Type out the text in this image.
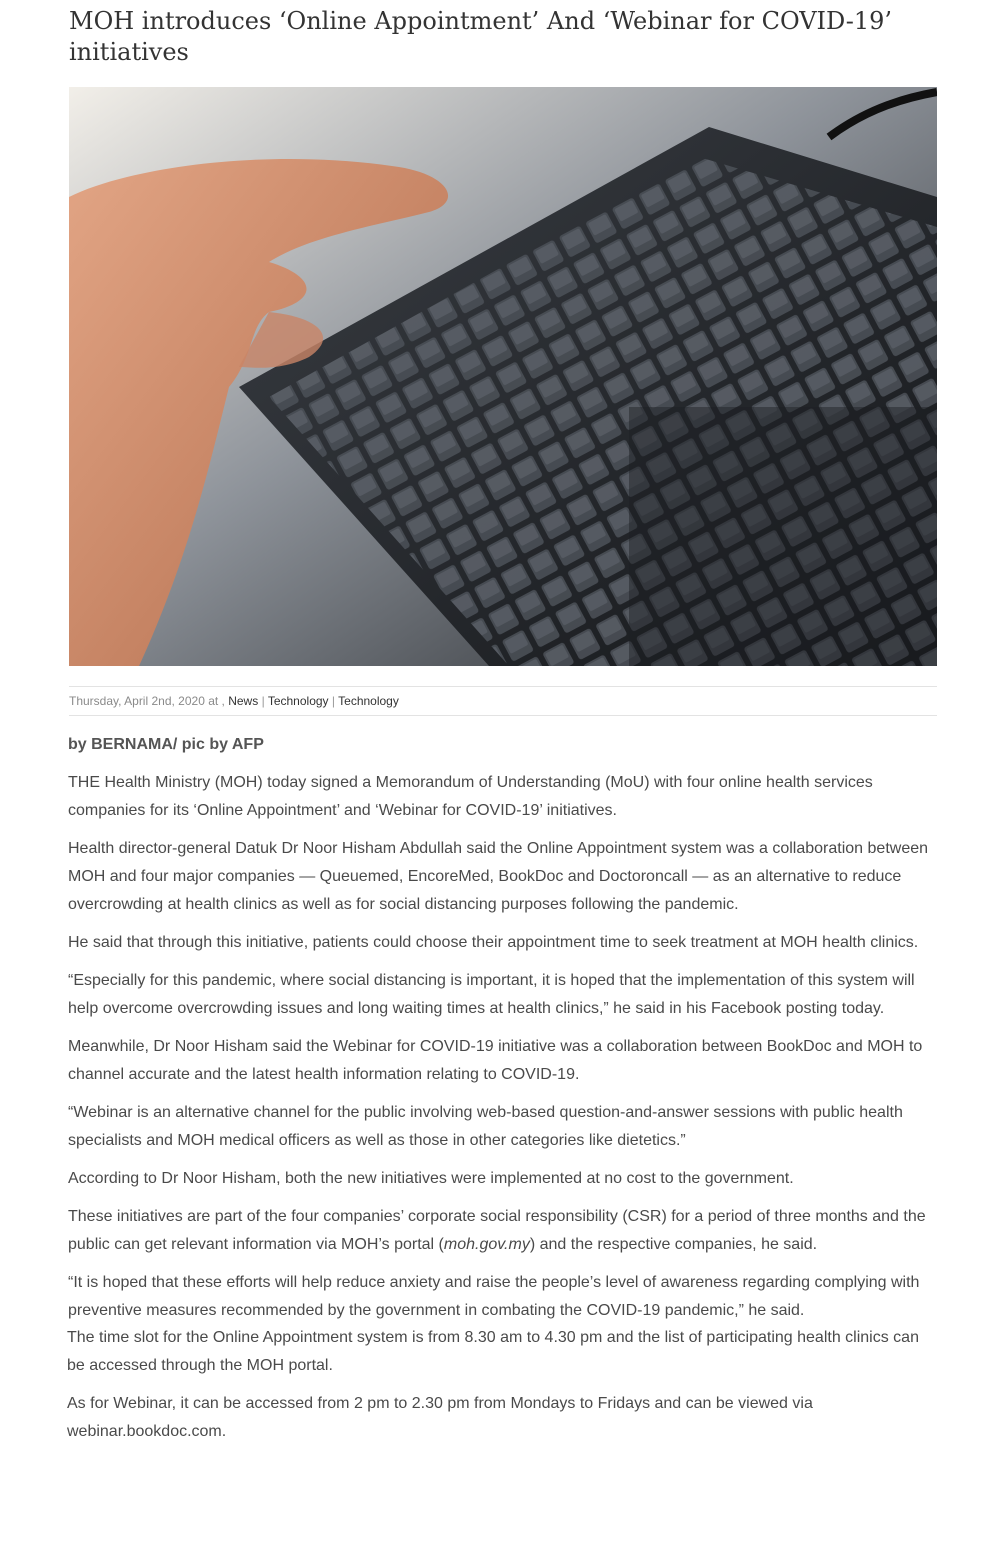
MOH introduces ‘Online Appointment’ And ‘Webinar for COVID-19’ initiatives
Thursday, April 2nd, 2020 at , News | Technology | Technology

by BERNAMA/ pic by AFP

THE Health Ministry (MOH) today signed a Memorandum of Understanding (MoU) with four online health services companies for its ‘Online Appointment’ and ‘Webinar for COVID-19’ initiatives.

Health director-general Datuk Dr Noor Hisham Abdullah said the Online Appointment system was a collaboration between MOH and four major companies — Queuemed, EncoreMed, BookDoc and Doctoroncall — as an alternative to reduce overcrowding at health clinics as well as for social distancing purposes following the pandemic.

He said that through this initiative, patients could choose their appointment time to seek treatment at MOH health clinics.

“Especially for this pandemic, where social distancing is important, it is hoped that the implementation of this system will help overcome overcrowding issues and long waiting times at health clinics,” he said in his Facebook posting today.

Meanwhile, Dr Noor Hisham said the Webinar for COVID-19 initiative was a collaboration between BookDoc and MOH to channel accurate and the latest health information relating to COVID-19.

“Webinar is an alternative channel for the public involving web-based question-and-answer sessions with public health specialists and MOH medical officers as well as those in other categories like dietetics.”

According to Dr Noor Hisham, both the new initiatives were implemented at no cost to the government.

These initiatives are part of the four companies’ corporate social responsibility (CSR) for a period of three months and the public can get relevant information via MOH’s portal (moh.gov.my) and the respective companies, he said.

“It is hoped that these efforts will help reduce anxiety and raise the people’s level of awareness regarding complying with preventive measures recommended by the government in combating the COVID-19 pandemic,” he said.

The time slot for the Online Appointment system is from 8.30 am to 4.30 pm and the list of participating health clinics can be accessed through the MOH portal.

As for Webinar, it can be accessed from 2 pm to 2.30 pm from Mondays to Fridays and can be viewed via webinar.bookdoc.com.
